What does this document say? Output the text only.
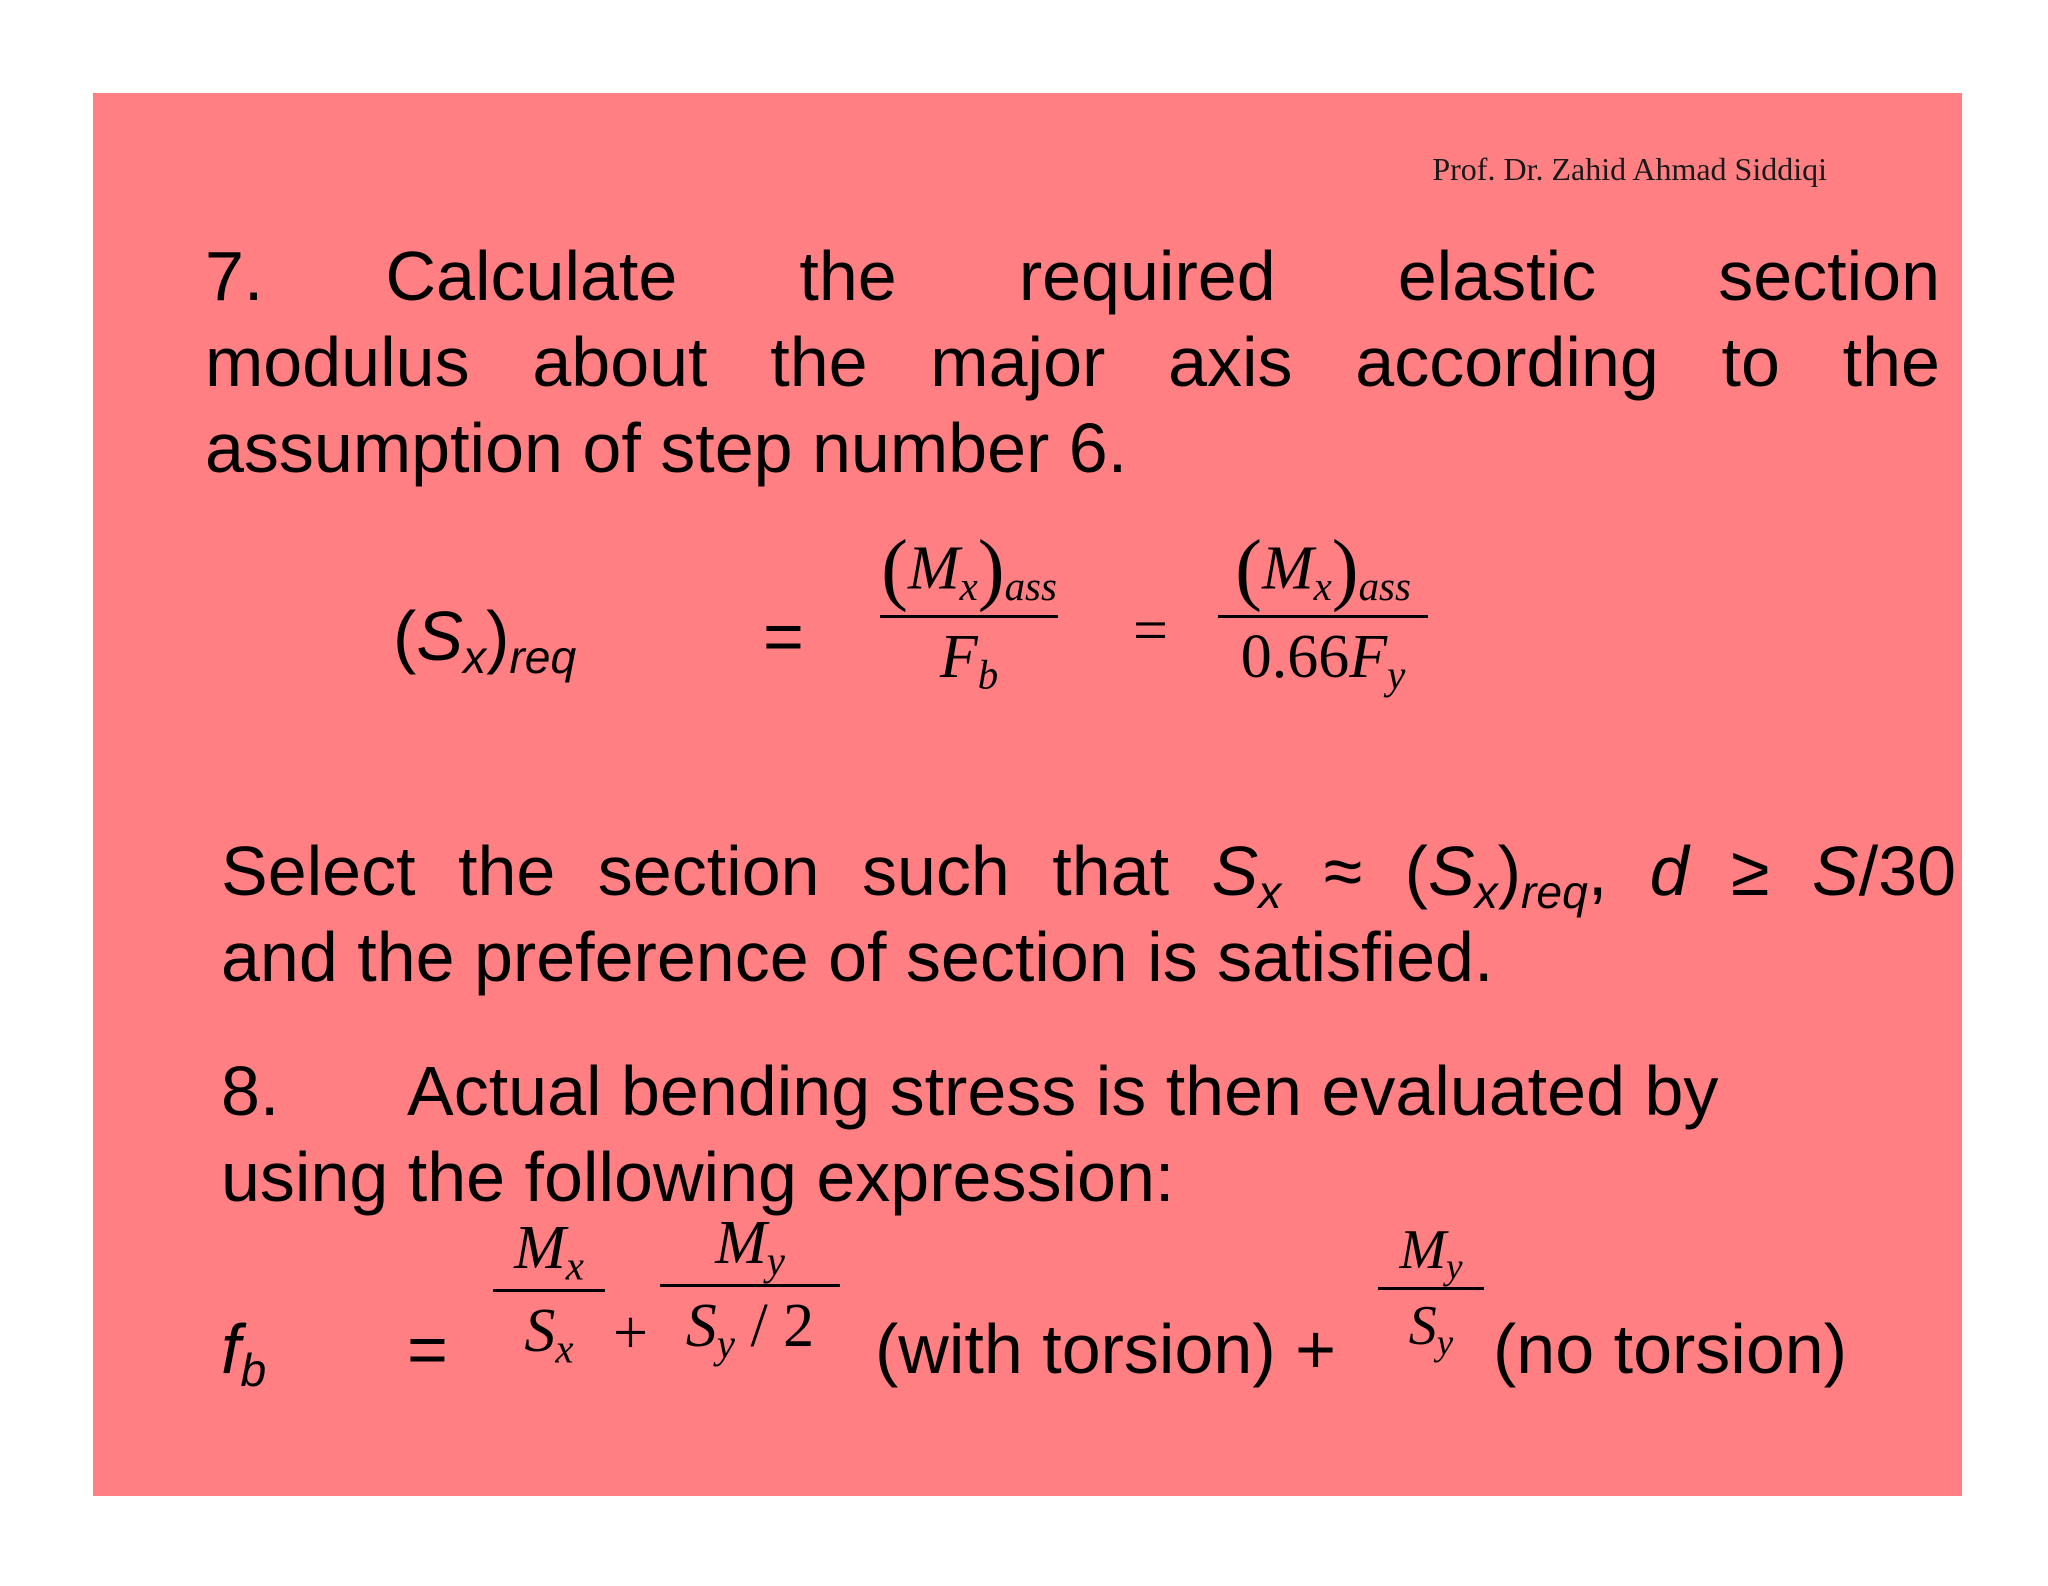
Prof. Dr. Zahid Ahmad Siddiqi

7. Calculate the required elastic section

modulus about the major axis according to the

assumption of step number 6.

$(S_x)_{req}$	=
$(M_x)_{ass}$
$F_b$
=
$(M_x)_{ass}$
$0.66F_y$

Select the section such that $S_x \approx (S_x)_{req}$, d ≥ S/30

and the preference of section is satisfied.

8. Actual bending stress is then evaluated by

using the following expression:

$f_b$ =
$M_x$
$S_x$ +
$M_y$
$S_y / 2$ (with torsion) +
$M_y$
$S_y$ (no torsion)
